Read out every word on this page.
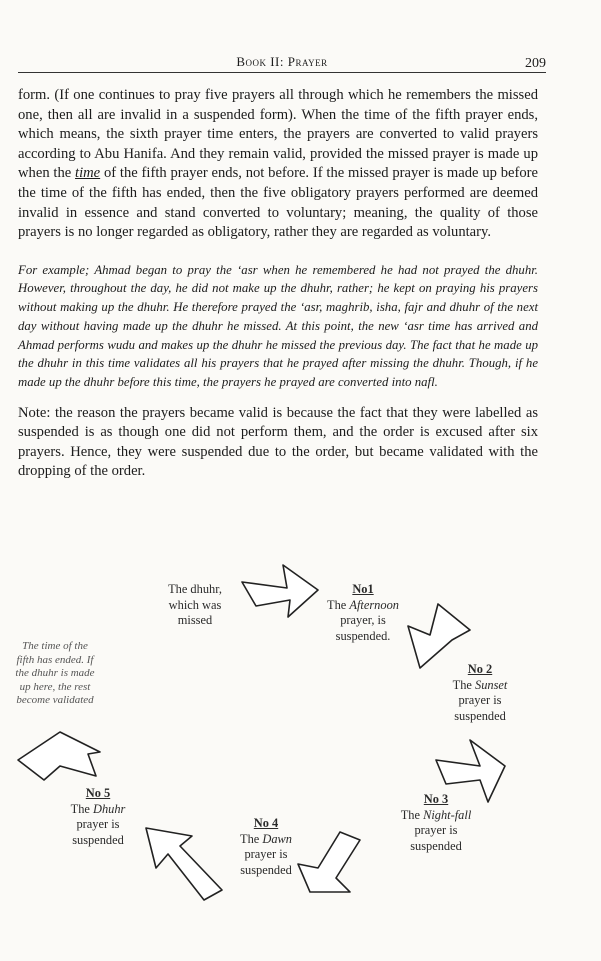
Book II: Prayer	209

form. (If one continues to pray five prayers all through which he remembers the missed one, then all are invalid in a suspended form). When the time of the fifth prayer ends, which means, the sixth prayer time enters, the prayers are converted to valid prayers according to Abu Hanifa. And they remain valid, provided the missed prayer is made up when the time of the fifth prayer ends, not before. If the missed prayer is made up before the time of the fifth has ended, then the five obligatory prayers performed are deemed invalid in essence and stand converted to voluntary; meaning, the quality of those prayers is no longer regarded as obligatory, rather they are regarded as voluntary.

For example; Ahmad began to pray the ‘asr when he remembered he had not prayed the dhuhr. However, throughout the day, he did not make up the dhuhr, rather; he kept on praying his prayers without making up the dhuhr. He therefore prayed the ‘asr, maghrib, isha, fajr and dhuhr of the next day without having made up the dhuhr he missed. At this point, the new ‘asr time has arrived and Ahmad performs wudu and makes up the dhuhr he missed the previous day. The fact that he made up the dhuhr in this time validates all his prayers that he prayed after missing the dhuhr. Though, if he made up the dhuhr before this time, the prayers he prayed are converted into nafl.

Note: the reason the prayers became valid is because the fact that they were labelled as suspended is as though one did not perform them, and the order is excused after six prayers. Hence, they were suspended due to the order, but became validated with the dropping of the order.

The dhuhr, which was missed
No1
The Afternoon prayer, is suspended.
No 2
The Sunset prayer is suspended
No 3
The Night-fall prayer is suspended
No 4
The Dawn prayer is suspended
No 5
The Dhuhr prayer is suspended
The time of the fifth has ended. If the dhuhr is made up here, the rest become validated
